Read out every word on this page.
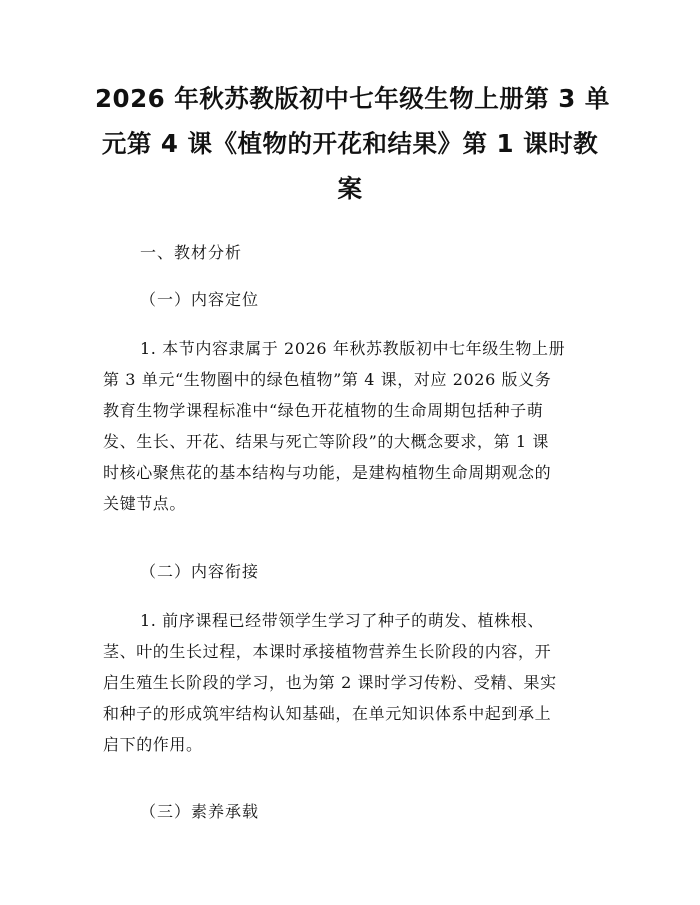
2026 年秋苏教版初中七年级生物上册第 3 单
元第 4 课《植物的开花和结果》第 1 课时教
案
一、教材分析
（一）内容定位
1. 本节内容隶属于 2026 年秋苏教版初中七年级生物上册
第 3 单元“生物圈中的绿色植物”第 4 课，对应 2026 版义务
教育生物学课程标准中“绿色开花植物的生命周期包括种子萌
发、生长、开花、结果与死亡等阶段”的大概念要求，第 1 课
时核心聚焦花的基本结构与功能，是建构植物生命周期观念的
关键节点。
（二）内容衔接
1. 前序课程已经带领学生学习了种子的萌发、植株根、
茎、叶的生长过程，本课时承接植物营养生长阶段的内容，开
启生殖生长阶段的学习，也为第 2 课时学习传粉、受精、果实
和种子的形成筑牢结构认知基础，在单元知识体系中起到承上
启下的作用。
（三）素养承载
